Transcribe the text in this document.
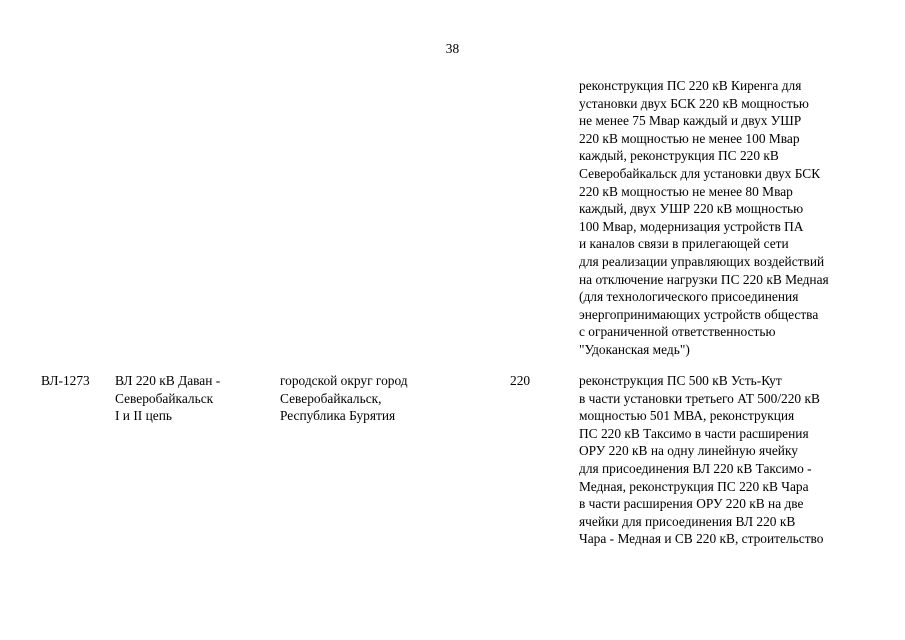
38
реконструкция ПС 220 кВ Киренга для
установки двух БСК 220 кВ мощностью
не менее 75 Мвар каждый и двух УШР
220 кВ мощностью не менее 100 Мвар
каждый, реконструкция ПС 220 кВ
Северобайкальск для установки двух БСК
220 кВ мощностью не менее 80 Мвар
каждый, двух УШР 220 кВ мощностью
100 Мвар, модернизация устройств ПА
и каналов связи в прилегающей сети
для реализации управляющих воздействий
на отключение нагрузки ПС 220 кВ Медная
(для технологического присоединения
энергопринимающих устройств общества
с ограниченной ответственностью
"Удоканская медь")
ВЛ-1273 ВЛ 220 кВ Даван -
Северобайкальск
I и II цепь
городской округ город
Северобайкальск,
Республика Бурятия
220	реконструкция ПС 500 кВ Усть-Кут
в части установки третьего АТ 500/220 кВ
мощностью 501 МВА, реконструкция
ПС 220 кВ Таксимо в части расширения
ОРУ 220 кВ на одну линейную ячейку
для присоединения ВЛ 220 кВ Таксимо -
Медная, реконструкция ПС 220 кВ Чара
в части расширения ОРУ 220 кВ на две
ячейки для присоединения ВЛ 220 кВ
Чара - Медная и СВ 220 кВ, строительство
